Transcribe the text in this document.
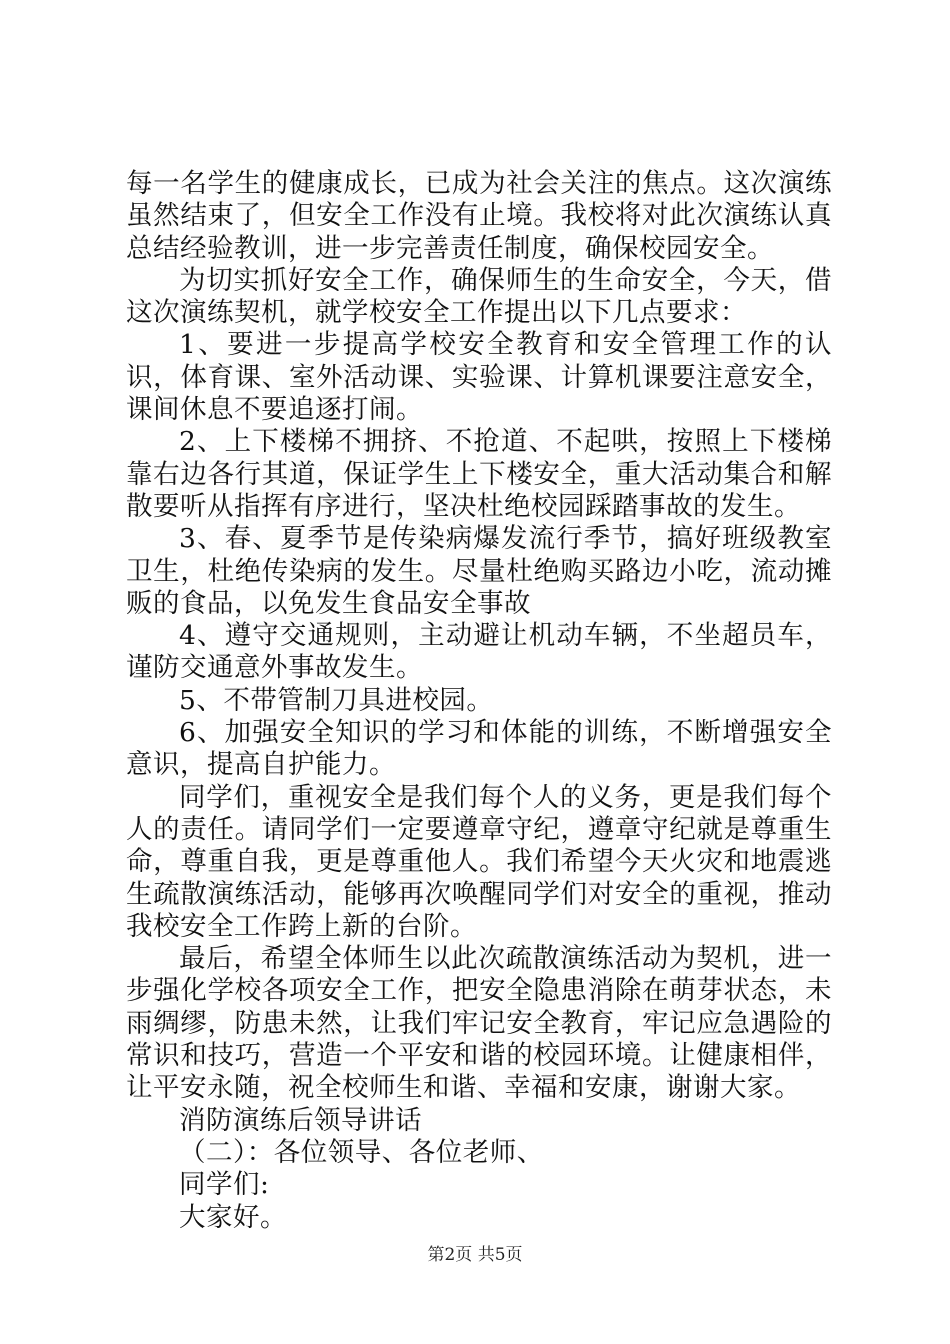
每一名学生的健康成长，已成为社会关注的焦点。这次演练虽然结束了，但安全工作没有止境。我校将对此次演练认真总结经验教训，进一步完善责任制度，确保校园安全。

为切实抓好安全工作，确保师生的生命安全，今天，借这次演练契机，就学校安全工作提出以下几点要求：

1、要进一步提高学校安全教育和安全管理工作的认识，体育课、室外活动课、实验课、计算机课要注意安全，课间休息不要追逐打闹。

2、上下楼梯不拥挤、不抢道、不起哄，按照上下楼梯靠右边各行其道，保证学生上下楼安全，重大活动集合和解散要听从指挥有序进行，坚决杜绝校园踩踏事故的发生。

3、春、夏季节是传染病爆发流行季节，搞好班级教室卫生，杜绝传染病的发生。尽量杜绝购买路边小吃，流动摊贩的食品，以免发生食品安全事故

4、遵守交通规则，主动避让机动车辆，不坐超员车，谨防交通意外事故发生。

5、不带管制刀具进校园。

6、加强安全知识的学习和体能的训练，不断增强安全意识，提高自护能力。

同学们，重视安全是我们每个人的义务，更是我们每个人的责任。请同学们一定要遵章守纪，遵章守纪就是尊重生命，尊重自我，更是尊重他人。我们希望今天火灾和地震逃生疏散演练活动，能够再次唤醒同学们对安全的重视，推动我校安全工作跨上新的台阶。

最后，希望全体师生以此次疏散演练活动为契机，进一步强化学校各项安全工作，把安全隐患消除在萌芽状态，未雨绸缪，防患未然，让我们牢记安全教育，牢记应急遇险的常识和技巧，营造一个平安和谐的校园环境。让健康相伴，让平安永随，祝全校师生和谐、幸福和安康，谢谢大家。

消防演练后领导讲话

（二）：各位领导、各位老师、

同学们:

大家好。

第2页 共5页
